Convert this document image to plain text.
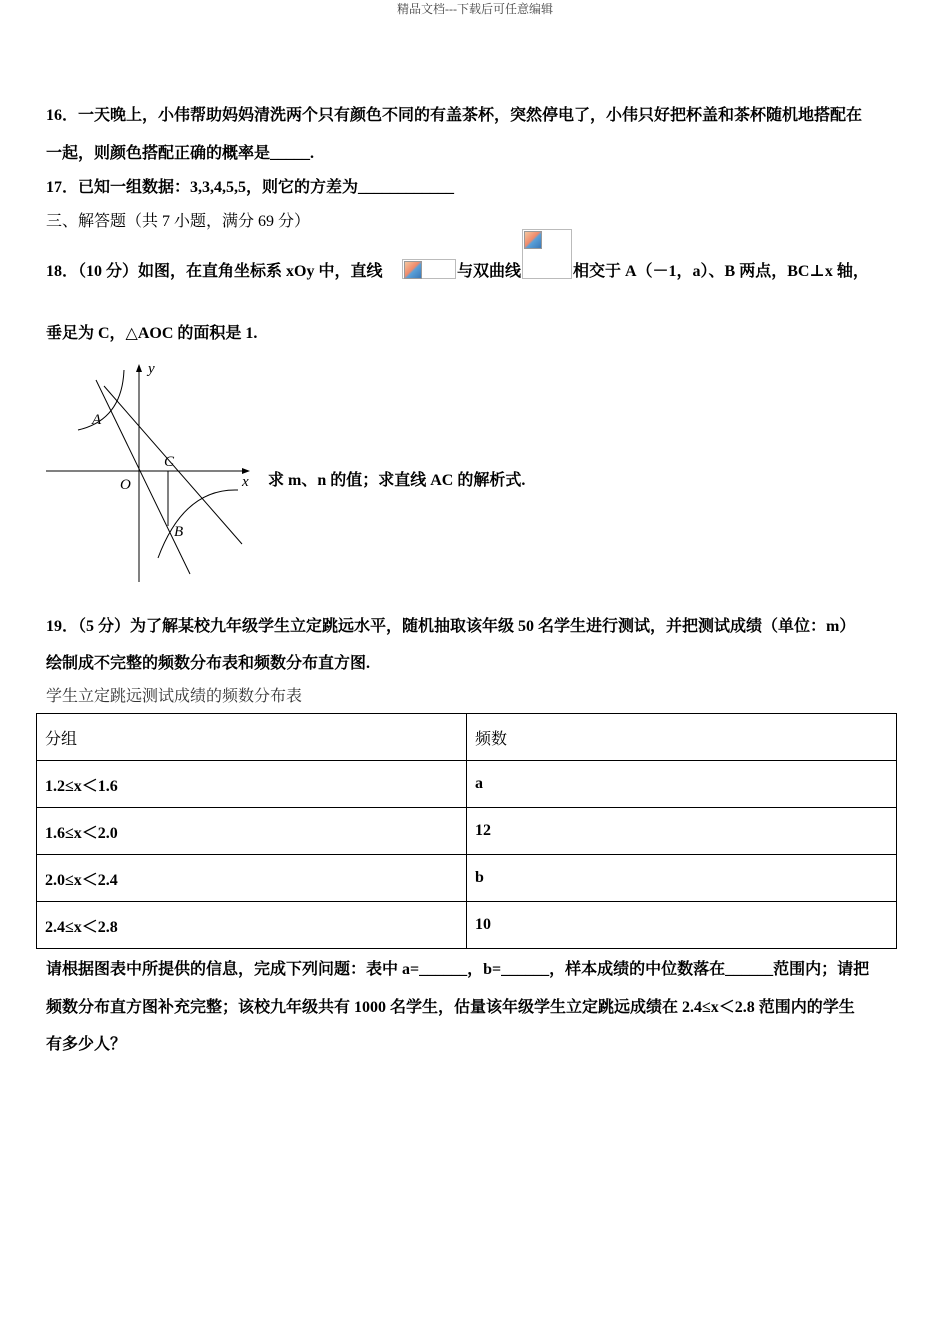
精品文档---下载后可任意编辑
16．一天晚上，小伟帮助妈妈清洗两个只有颜色不同的有盖茶杯，突然停电了，小伟只好把杯盖和茶杯随机地搭配在
一起，则颜色搭配正确的概率是_____.
17．已知一组数据：3,3,4,5,5，则它的方差为____________
三、解答题（共 7 小题，满分 69 分）
18．（10 分）如图，在直角坐标系 xOy 中，直线	与双曲线	相交于 A（－1，a）、B 两点，BC⊥x 轴，
垂足为 C，△AOC 的面积是 1.
y
x
A
C
O
B
求 m、n 的值；求直线 AC 的解析式.
19．（5 分）为了解某校九年级学生立定跳远水平，随机抽取该年级 50 名学生进行测试，并把测试成绩（单位：m）
绘制成不完整的频数分布表和频数分布直方图.
学生立定跳远测试成绩的频数分布表
分组	频数
1.2≤x＜1.6	a
1.6≤x＜2.0	12
2.0≤x＜2.4	b
2.4≤x＜2.8	10
请根据图表中所提供的信息，完成下列问题：表中 a=______，b=______，样本成绩的中位数落在______范围内；请把
频数分布直方图补充完整；该校九年级共有 1000 名学生，估量该年级学生立定跳远成绩在 2.4≤x＜2.8 范围内的学生
有多少人？
